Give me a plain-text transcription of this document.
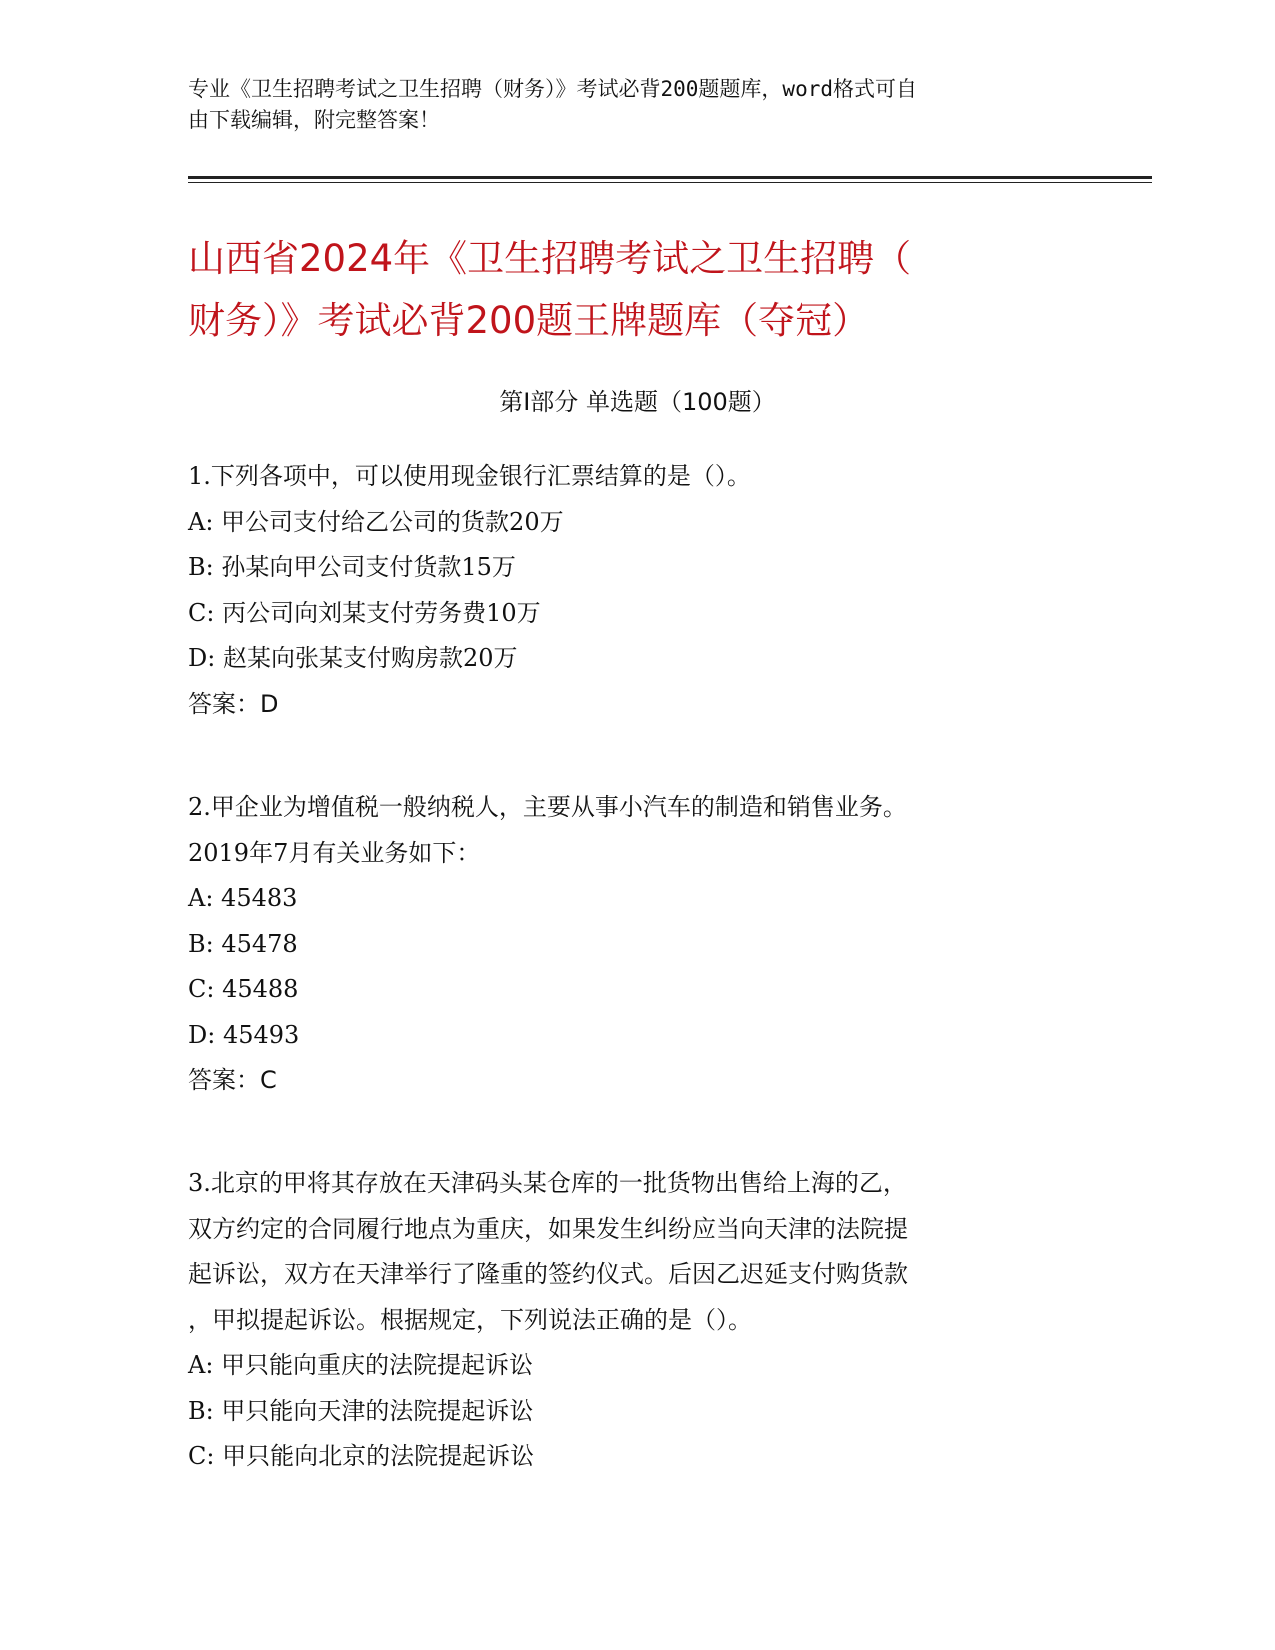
专业《卫生招聘考试之卫生招聘（财务）》考试必背200题题库，word格式可自
由下载编辑，附完整答案！
山西省2024年《卫生招聘考试之卫生招聘（
财务）》考试必背200题王牌题库（夺冠）
第Ⅰ部分 单选题（100题）
1.下列各项中，可以使用现金银行汇票结算的是（）。
A: 甲公司支付给乙公司的货款20万
B: 孙某向甲公司支付货款15万
C: 丙公司向刘某支付劳务费10万
D: 赵某向张某支付购房款20万
答案：D
2.甲企业为增值税一般纳税人，主要从事小汽车的制造和销售业务。
2019年7月有关业务如下：
A: 45483
B: 45478
C: 45488
D: 45493
答案：C
3.北京的甲将其存放在天津码头某仓库的一批货物出售给上海的乙，
双方约定的合同履行地点为重庆，如果发生纠纷应当向天津的法院提
起诉讼，双方在天津举行了隆重的签约仪式。后因乙迟延支付购货款
，甲拟提起诉讼。根据规定，下列说法正确的是（）。
A: 甲只能向重庆的法院提起诉讼
B: 甲只能向天津的法院提起诉讼
C: 甲只能向北京的法院提起诉讼
